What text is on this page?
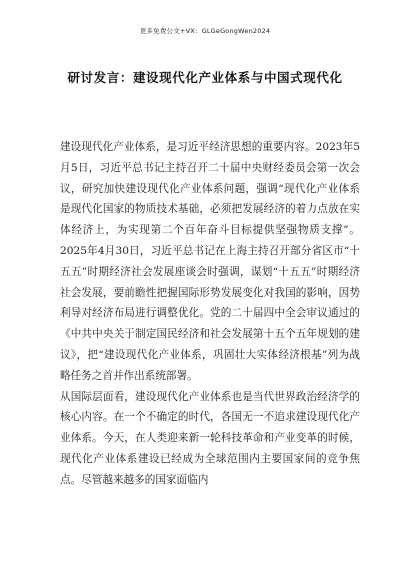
更多免费公文+VX：GLGeGongWen2024
研讨发言：建设现代化产业体系与中国式现代化

建设现代化产业体系，是习近平经济思想的重要内容。2023年5月5日，习近平总书记主持召开二十届中央财经委员会第一次会议，研究加快建设现代化产业体系问题，强调“现代化产业体系是现代化国家的物质技术基础，必须把发展经济的着力点放在实体经济上，为实现第二个百年奋斗目标提供坚强物质支撑”。2025年4月30日，习近平总书记在上海主持召开部分省区市“十五五”时期经济社会发展座谈会时强调，谋划“十五五”时期经济社会发展，要前瞻性把握国际形势发展变化对我国的影响，因势利导对经济布局进行调整优化。党的二十届四中全会审议通过的《中共中央关于制定国民经济和社会发展第十五个五年规划的建议》，把“建设现代化产业体系，巩固壮大实体经济根基”列为战略任务之首并作出系统部署。

从国际层面看，建设现代化产业体系也是当代世界政治经济学的核心内容。在一个不确定的时代，各国无一不追求建设现代化产业体系。今天，在人类迎来新一轮科技革命和产业变革的时候，现代化产业体系建设已经成为全球范围内主要国家间的竞争焦点。尽管越来越多的国家面临内
